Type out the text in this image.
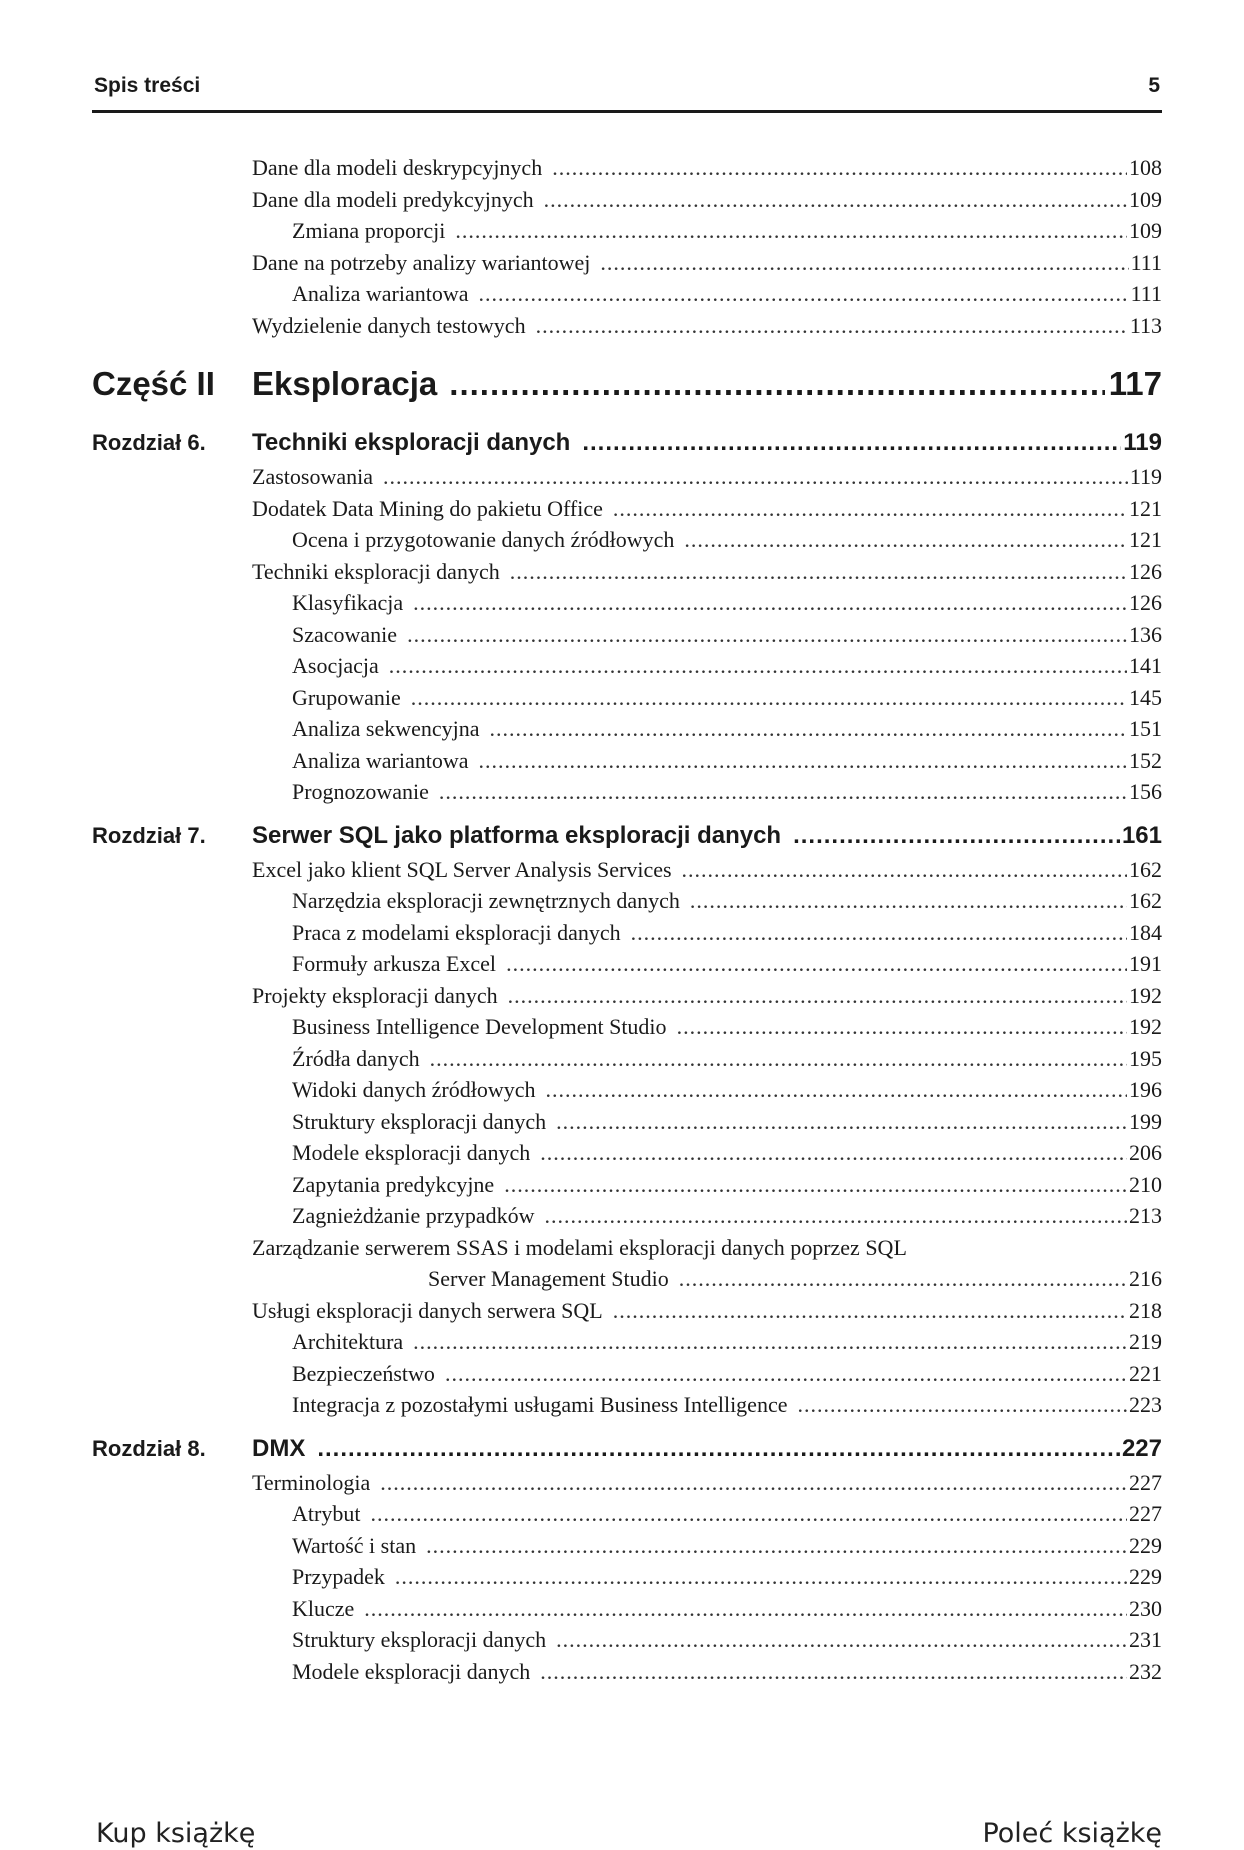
Spis treści	5
Dane dla modeli deskrypcyjnych .....	108
Dane dla modeli predykcyjnych .....	109
Zmiana proporcji .....	109
Dane na potrzeby analizy wariantowej .....	111
Analiza wariantowa .....	111
Wydzielenie danych testowych .....	113
Część II	Eksploracja .....	117
Rozdział 6.	Techniki eksploracji danych .....	119
Zastosowania .....	119
Dodatek Data Mining do pakietu Office .....	121
Ocena i przygotowanie danych źródłowych .....	121
Techniki eksploracji danych .....	126
Klasyfikacja .....	126
Szacowanie .....	136
Asocjacja .....	141
Grupowanie .....	145
Analiza sekwencyjna .....	151
Analiza wariantowa .....	152
Prognozowanie .....	156
Rozdział 7.	Serwer SQL jako platforma eksploracji danych .....	161
Excel jako klient SQL Server Analysis Services .....	162
Narzędzia eksploracji zewnętrznych danych .....	162
Praca z modelami eksploracji danych .....	184
Formuły arkusza Excel .....	191
Projekty eksploracji danych .....	192
Business Intelligence Development Studio .....	192
Źródła danych .....	195
Widoki danych źródłowych .....	196
Struktury eksploracji danych .....	199
Modele eksploracji danych .....	206
Zapytania predykcyjne .....	210
Zagnieżdżanie przypadków .....	213
Zarządzanie serwerem SSAS i modelami eksploracji danych poprzez SQL
Server Management Studio .....	216
Usługi eksploracji danych serwera SQL .....	218
Architektura .....	219
Bezpieczeństwo .....	221
Integracja z pozostałymi usługami Business Intelligence .....	223
Rozdział 8.	DMX .....	227
Terminologia .....	227
Atrybut .....	227
Wartość i stan .....	229
Przypadek .....	229
Klucze .....	230
Struktury eksploracji danych .....	231
Modele eksploracji danych .....	232
Kup książkę	Poleć książkę
